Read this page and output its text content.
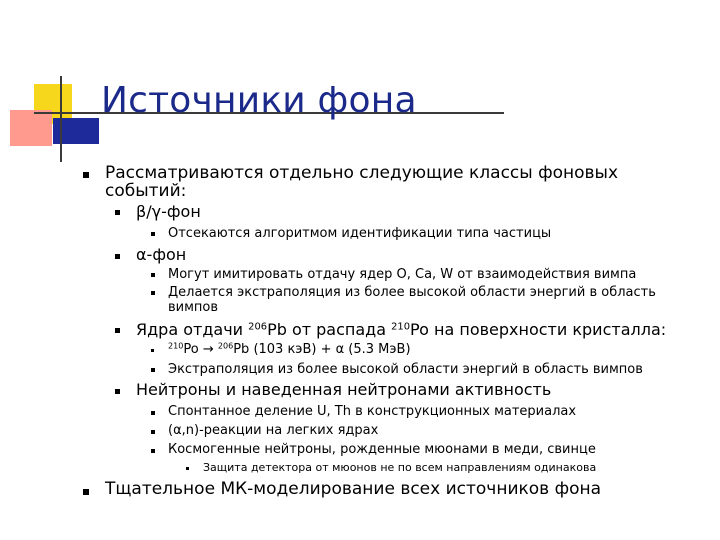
Источники фона
Рассматриваются отдельно следующие классы фоновых
событий:
β/γ-фон
Отсекаются алгоритмом идентификации типа частицы
α-фон
Могут имитировать отдачу ядер O, Ca, W от взаимодействия вимпа
Делается экстраполяция из более высокой области энергий в область
вимпов
Ядра отдачи $^{206}$Pb от распада $^{210}$Po на поверхности кристалла:
$^{210}$Po → $^{206}$Pb (103 кэВ) + α (5.3 МэВ)
Экстраполяция из более высокой области энергий в область вимпов
Нейтроны и наведенная нейтронами активность
Спонтанное деление U, Th в конструкционных материалах
(α,n)-реакции на легких ядрах
Космогенные нейтроны, рожденные мюонами в меди, свинце
Защита детектора от мюонов не по всем направлениям одинакова
Тщательное МК-моделирование всех источников фона
